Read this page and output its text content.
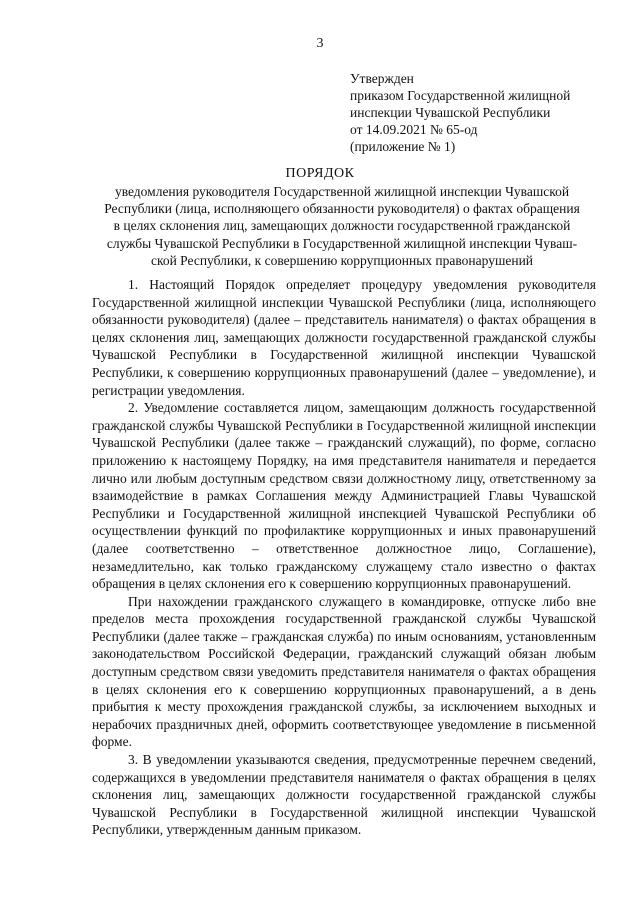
3
Утвержден
приказом Государственной жилищной
инспекции Чувашской Республики
от 14.09.2021 № 65-од
(приложение № 1)
ПОРЯДОК
уведомления руководителя Государственной жилищной инспекции Чувашской
Республики (лица, исполняющего обязанности руководителя) о фактах обращения
в целях склонения лиц, замещающих должности государственной гражданской
службы Чувашской Республики в Государственной жилищной инспекции Чуваш-
ской Республики, к совершению коррупционных правонарушений

1. Настоящий Порядок определяет процедуру уведомления руководителя Государственной жилищной инспекции Чувашской Республики (лица, исполняющего обязанности руководителя) (далее – представитель нанимателя) о фактах обращения в целях склонения лиц, замещающих должности государственной гражданской службы Чувашской Республики в Государственной жилищной инспекции Чувашской Республики, к совершению коррупционных правонарушений (далее – уведомление), и регистрации уведомления.

2. Уведомление составляется лицом, замещающим должность государственной гражданской службы Чувашской Республики в Государственной жилищной инспекции Чувашской Республики (далее также – гражданский служащий), по форме, согласно приложению к настоящему Порядку, на имя представителя наниmателя и передается лично или любым доступным средством связи должностному лицу, ответственному за взаимодействие в рамках Соглашения между Администрацией Главы Чувашской Республики и Государственной жилищной инспекцией Чувашской Республики об осуществлении функций по профилактике коррупционных и иных правонарушений (далее соответственно – ответственное должностное лицо, Соглашение), незамедлительно, как только гражданскому служащему стало известно о фактах обращения в целях склонения его к совершению коррупционных правонарушений.

При нахождении гражданского служащего в командировке, отпуске либо вне пределов места прохождения государственной гражданской службы Чувашской Республики (далее также – гражданская служба) по иным основаниям, установленным законодательством Российской Федерации, гражданский служащий обязан любым доступным средством связи уведомить представителя нанимателя о фактах обращения в целях склонения его к совершению коррупционных правонарушений, а в день прибытия к месту прохождения гражданской службы, за исключением выходных и нерабочих праздничных дней, оформить соответствующее уведомление в письменной форме.

3. В уведомлении указываются сведения, предусмотренные перечнем сведений, содержащихся в уведомлении представителя нанимателя о фактах обращения в целях склонения лиц, замещающих должности государственной гражданской службы Чувашской Республики в Государственной жилищной инспекции Чувашской Республики, утвержденным данным приказом.
